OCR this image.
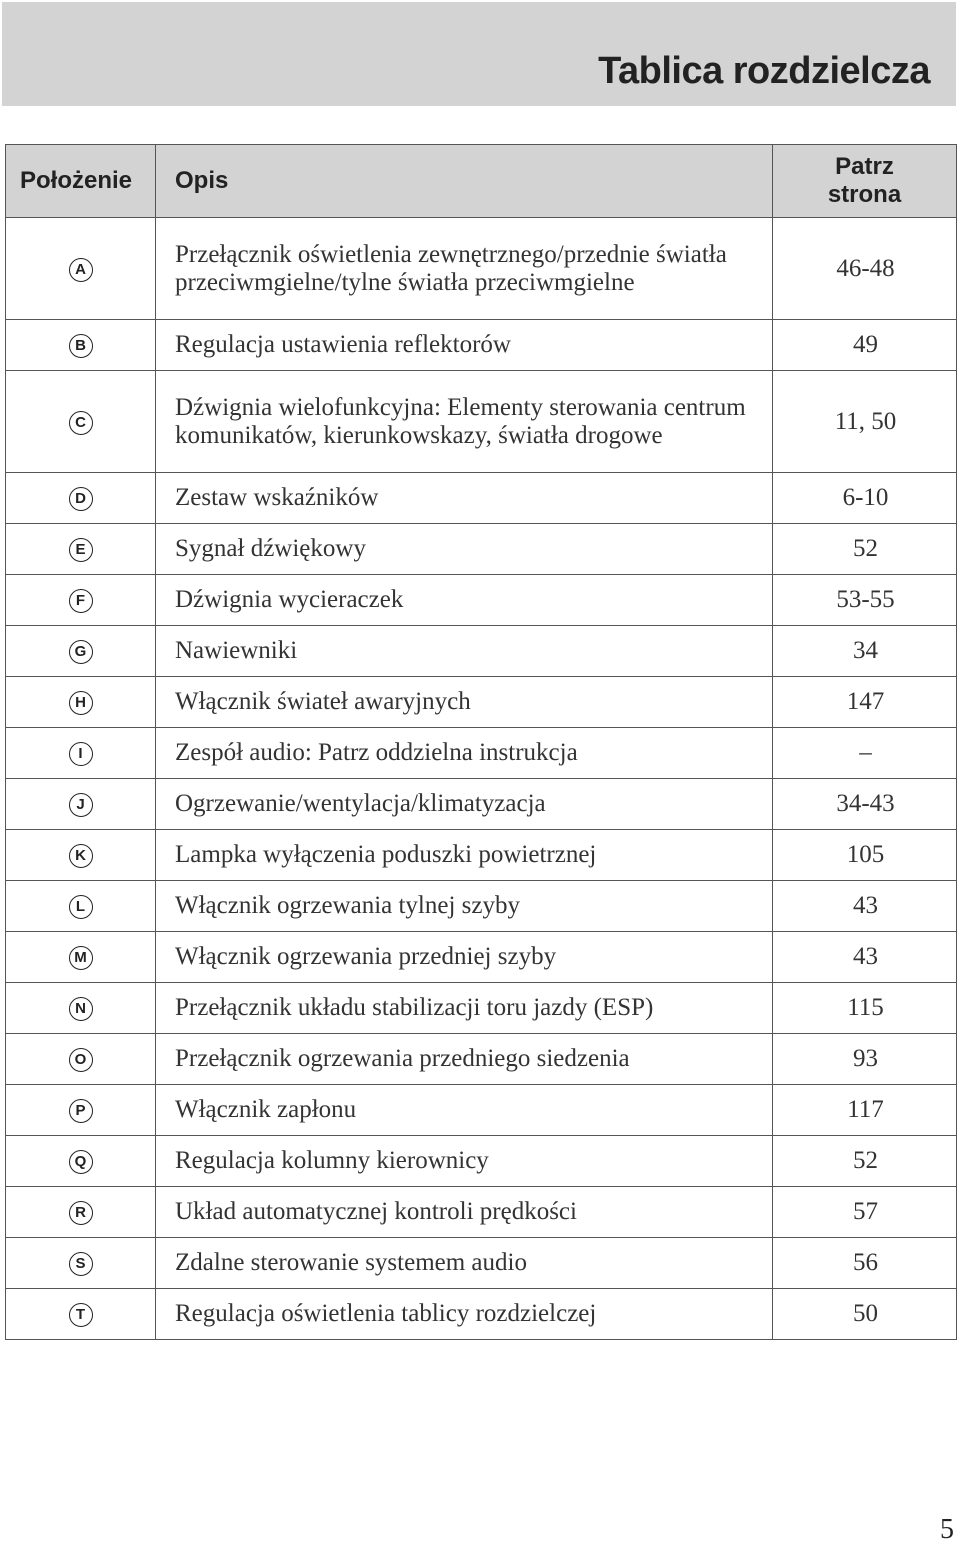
Tablica rozdzielcza
Położenie	Opis	Patrz
strona
A	Przełącznik oświetlenia zewnętrznego/przednie światła przeciwmgielne/tylne światła przeciwmgielne	46-48
B	Regulacja ustawienia reflektorów	49
C	Dźwignia wielofunkcyjna: Elementy sterowania centrum komunikatów, kierunkowskazy, światła drogowe	11, 50
D	Zestaw wskaźników	6-10
E	Sygnał dźwiękowy	52
F	Dźwignia wycieraczek	53-55
G	Nawiewniki	34
H	Włącznik świateł awaryjnych	147
I	Zespół audio: Patrz oddzielna instrukcja	–
J	Ogrzewanie/wentylacja/klimatyzacja	34-43
K	Lampka wyłączenia poduszki powietrznej	105
L	Włącznik ogrzewania tylnej szyby	43
M	Włącznik ogrzewania przedniej szyby	43
N	Przełącznik układu stabilizacji toru jazdy (ESP)	115
O	Przełącznik ogrzewania przedniego siedzenia	93
P	Włącznik zapłonu	117
Q	Regulacja kolumny kierownicy	52
R	Układ automatycznej kontroli prędkości	57
S	Zdalne sterowanie systemem audio	56
T	Regulacja oświetlenia tablicy rozdzielczej	50
5
